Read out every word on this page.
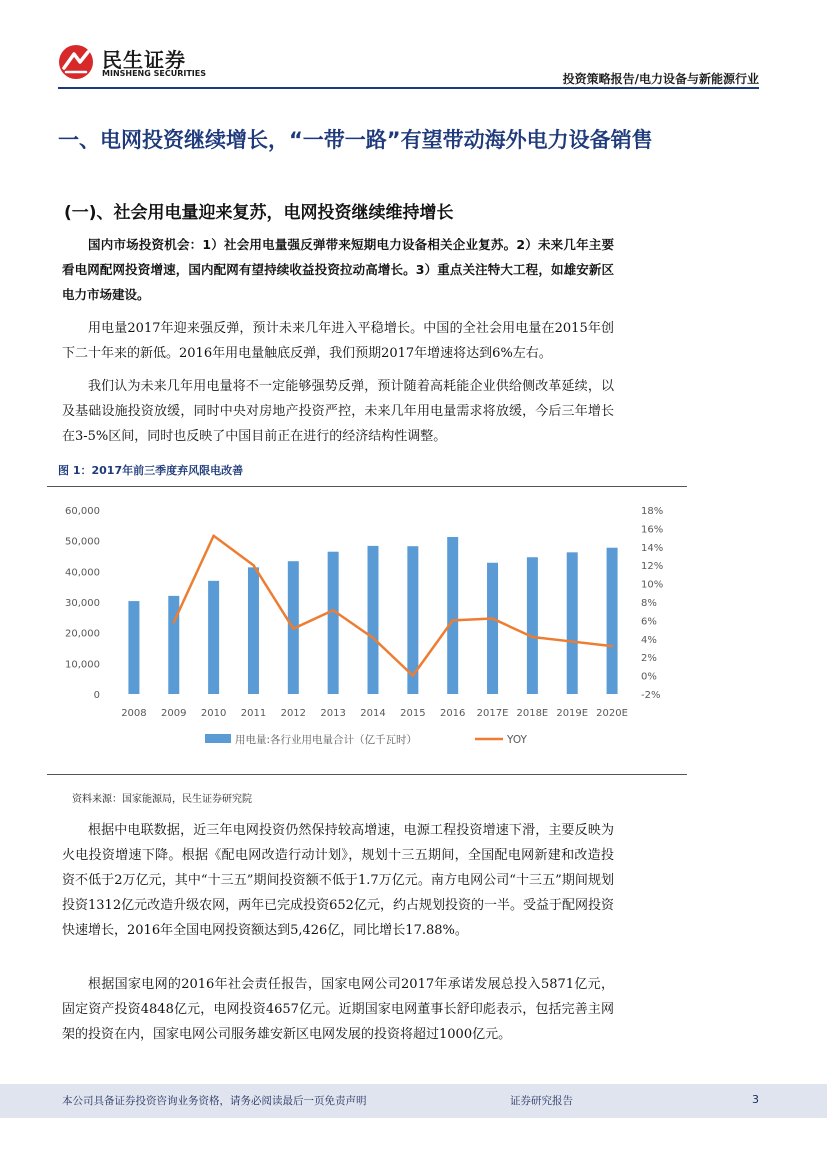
民生证券
MINSHENG SECURITIES	投资策略报告/电力设备与新能源行业
一、电网投资继续增长，“一带一路”有望带动海外电力设备销售
(一)、社会用电量迎来复苏，电网投资继续维持增长

国内市场投资机会：1）社会用电量强反弹带来短期电力设备相关企业复苏。2）未来几年主要看电网配网投资增速，国内配网有望持续收益投资拉动高增长。3）重点关注特大工程，如雄安新区电力市场建设。

用电量2017年迎来强反弹，预计未来几年进入平稳增长。中国的全社会用电量在2015年创下二十年来的新低。2016年用电量触底反弹，我们预期2017年增速将达到6%左右。

我们认为未来几年用电量将不一定能够强势反弹，预计随着高耗能企业供给侧改革延续，以及基础设施投资放缓，同时中央对房地产投资严控，未来几年用电量需求将放缓，今后三年增长在3-5%区间，同时也反映了中国目前正在进行的经济结构性调整。

图 1：2017年前三季度弃风限电改善
0
10,000
20,000
30,000
40,000
50,000
60,000
-2%
0%
2%
4%
6%
8%
10%
12%
14%
16%
18%
2008 2009 2010 2011 2012 2013 2014 2015 2016 2017E 2018E 2019E 2020E
用电量:各行业用电量合计（亿千瓦时）	YOY
资料来源：国家能源局，民生证券研究院

根据中电联数据，近三年电网投资仍然保持较高增速，电源工程投资增速下滑，主要反映为火电投资增速下降。根据《配电网改造行动计划》，规划十三五期间，全国配电网新建和改造投资不低于2万亿元，其中“十三五”期间投资额不低于1.7万亿元。南方电网公司“十三五”期间规划投资1312亿元改造升级农网，两年已完成投资652亿元，约占规划投资的一半。受益于配网投资快速增长，2016年全国电网投资额达到5,426亿，同比增长17.88%。

根据国家电网的2016年社会责任报告，国家电网公司2017年承诺发展总投入5871亿元，固定资产投资4848亿元，电网投资4657亿元。近期国家电网董事长舒印彪表示，包括完善主网架的投资在内，国家电网公司服务雄安新区电网发展的投资将超过1000亿元。

本公司具备证券投资咨询业务资格，请务必阅读最后一页免责声明	证券研究报告	3
